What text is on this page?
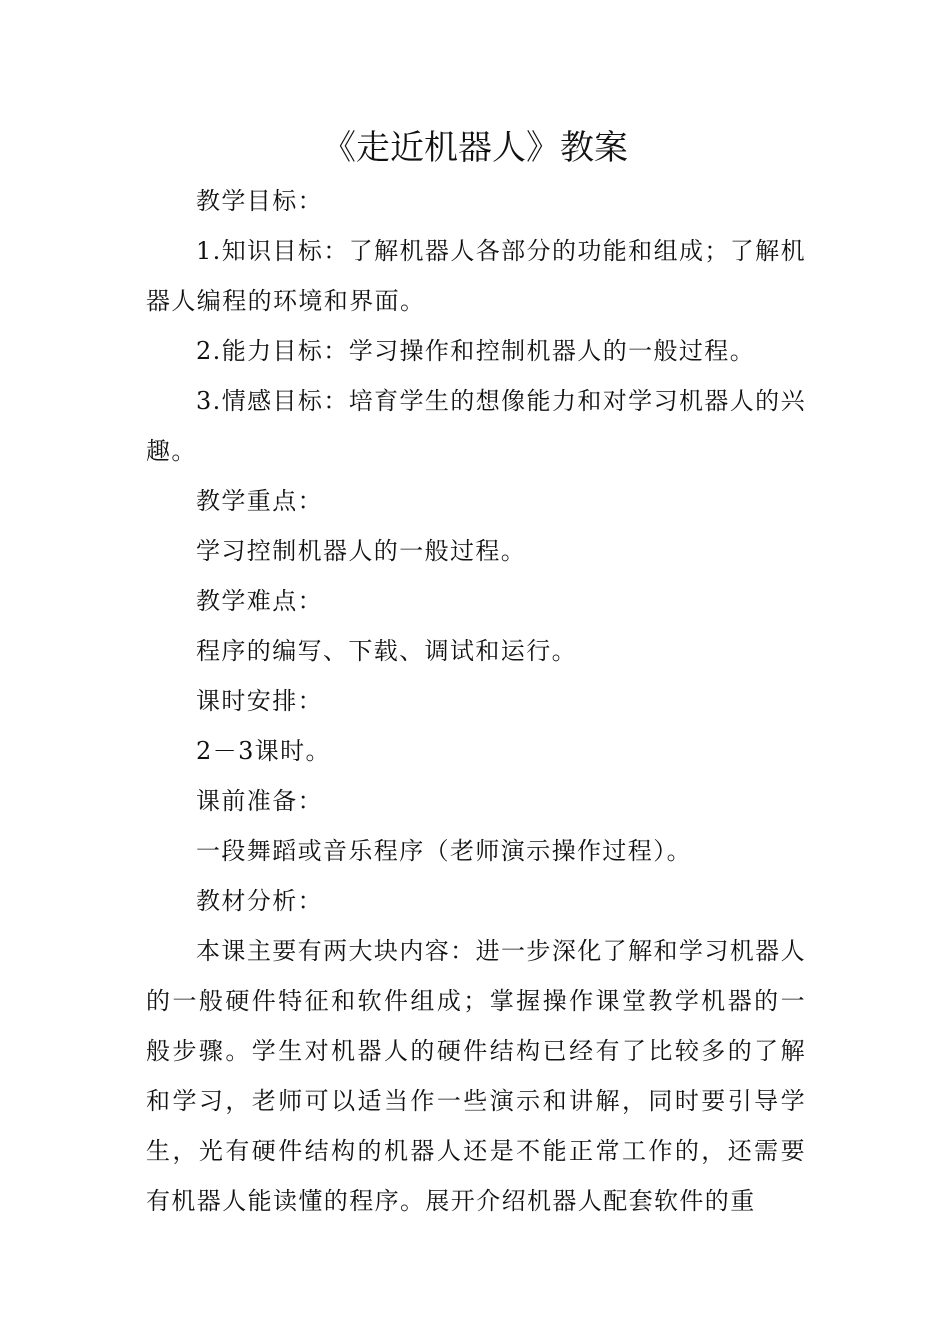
《走近机器人》教案

教学目标：

1.知识目标：了解机器人各部分的功能和组成；了解机器人编程的环境和界面。

2.能力目标：学习操作和控制机器人的一般过程。

3.情感目标：培育学生的想像能力和对学习机器人的兴趣。

教学重点：

学习控制机器人的一般过程。

教学难点：

程序的编写、下载、调试和运行。

课时安排：

2－3课时。

课前准备：

一段舞蹈或音乐程序（老师演示操作过程）。

教材分析：

本课主要有两大块内容：进一步深化了解和学习机器人的一般硬件特征和软件组成；掌握操作课堂教学机器的一般步骤。学生对机器人的硬件结构已经有了比较多的了解和学习，老师可以适当作一些演示和讲解，同时要引导学生，光有硬件结构的机器人还是不能正常工作的，还需要有机器人能读懂的程序。展开介绍机器人配套软件的重
